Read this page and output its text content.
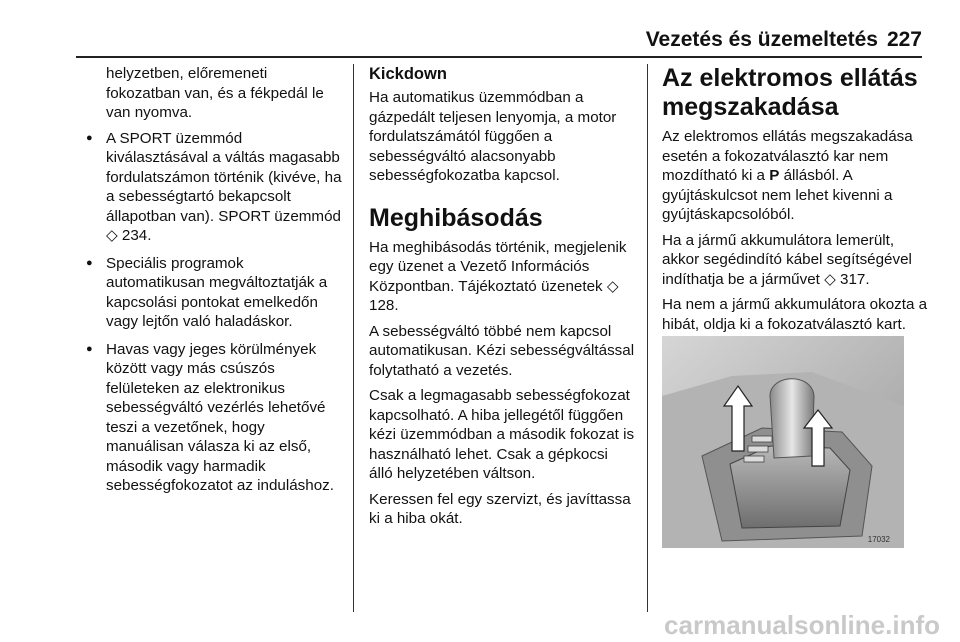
Vezetés és üzemeltetés 227

helyzetben, előremeneti fokozatban van, és a fékpedál le van nyomva.

● A SPORT üzemmód kiválasztásával a váltás magasabb fordulatszámon történik (kivéve, ha a sebességtartó bekapcsolt állapotban van). SPORT üzemmód ◇ 234.
● Speciális programok automatikusan megváltoztatják a kapcsolási pontokat emelkedőn vagy lejtőn való haladáskor.
● Havas vagy jeges körülmények között vagy más csúszós felületeken az elektronikus sebességváltó vezérlés lehetővé teszi a vezetőnek, hogy manuálisan válasza ki az első, második vagy harmadik sebességfokozatot az induláshoz.
Kickdown

Ha automatikus üzemmódban a gázpedált teljesen lenyomja, a motor fordulatszámától függően a sebességváltó alacsonyabb sebességfokozatba kapcsol.

Meghibásodás

Ha meghibásodás történik, megjelenik egy üzenet a Vezető Információs Központban. Tájékoztató üzenetek ◇ 128.

A sebességváltó többé nem kapcsol automatikusan. Kézi sebességváltással folytatható a vezetés.

Csak a legmagasabb sebességfokozat kapcsolható. A hiba jellegétől függően kézi üzemmódban a második fokozat is használható lehet. Csak a gépkocsi álló helyzetében váltson.

Keressen fel egy szervizt, és javíttassa ki a hiba okát.

Az elektromos ellátás megszakadása

Az elektromos ellátás megszakadása esetén a fokozatválasztó kar nem mozdítható ki a P állásból. A gyújtáskulcsot nem lehet kivenni a gyújtáskapcsolóból.

Ha a jármű akkumulátora lemerült, akkor segédindító kábel segítségével indíthatja be a járművet ◇ 317.

Ha nem a jármű akkumulátora okozta a hibát, oldja ki a fokozatválasztó kart.

17032
carmanualsonline.info
